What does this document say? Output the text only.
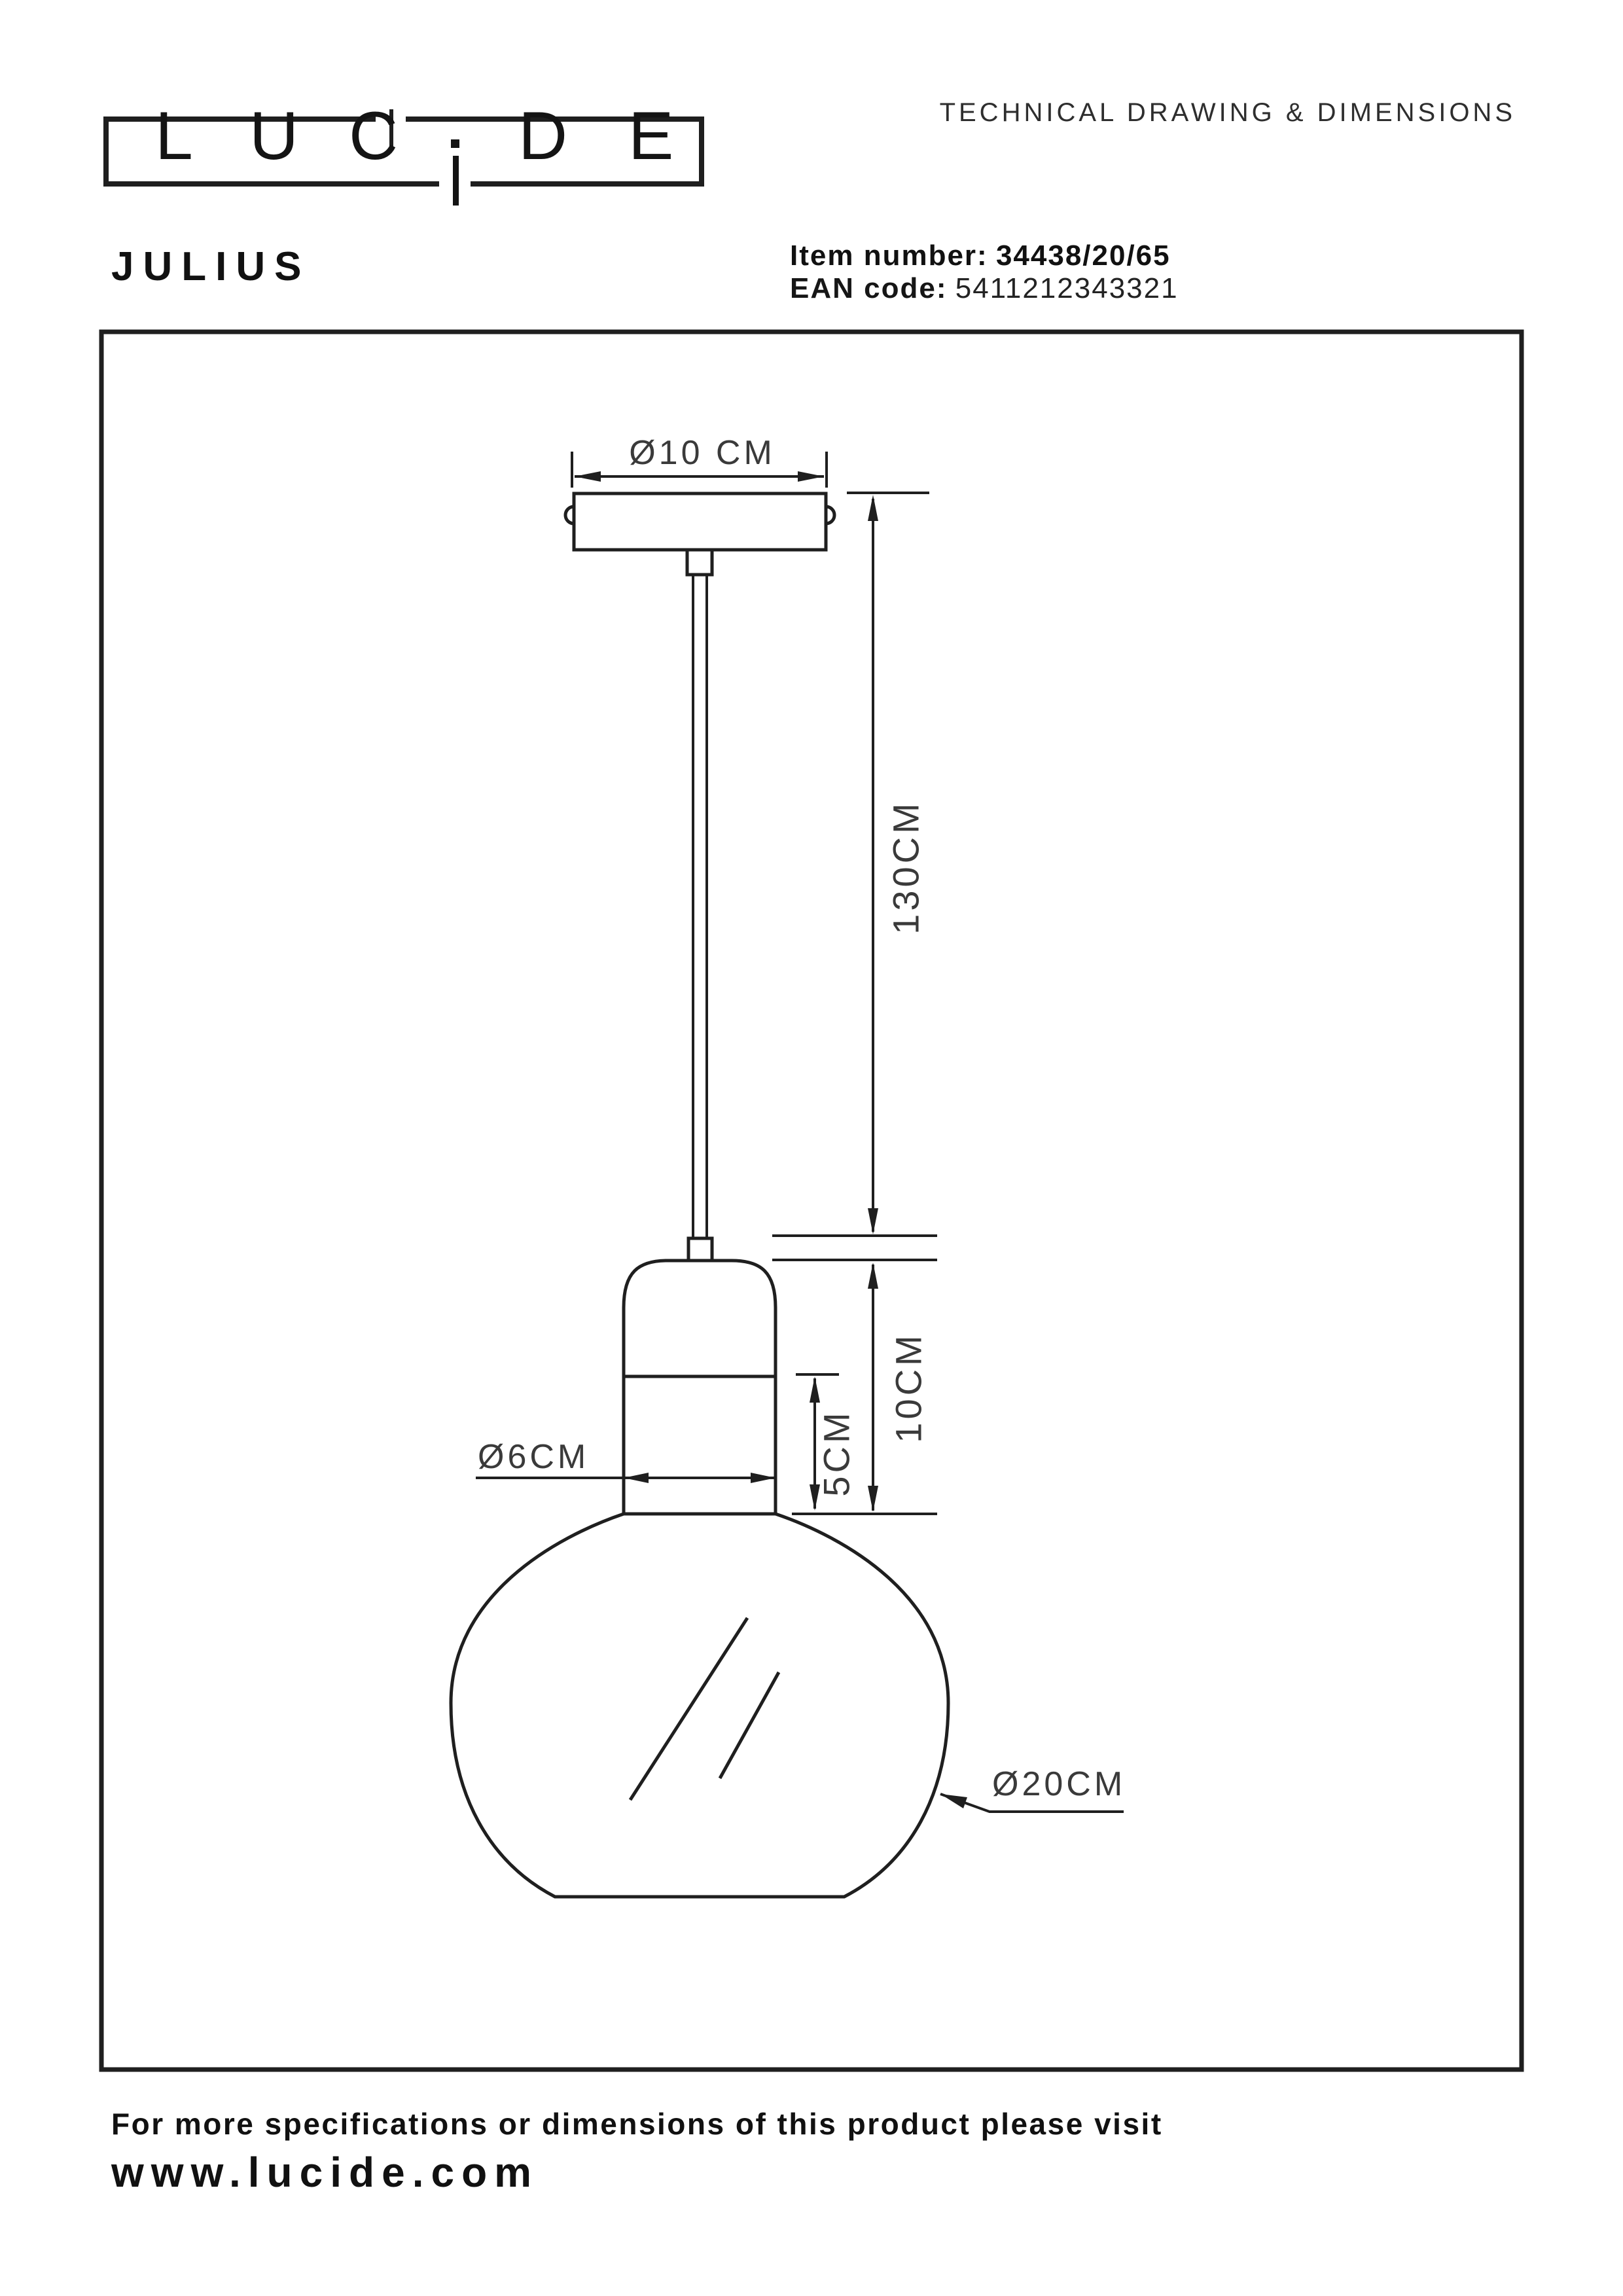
TECHNICAL DRAWING & DIMENSIONS
L U C D E
JULIUS	Item number: 34438/20/65
EAN code: 5411212343321
Ø10 CM
130CM
10CM
5CM
Ø6CM
Ø20CM
For more specifications or dimensions of this product please visit
www.lucide.com
